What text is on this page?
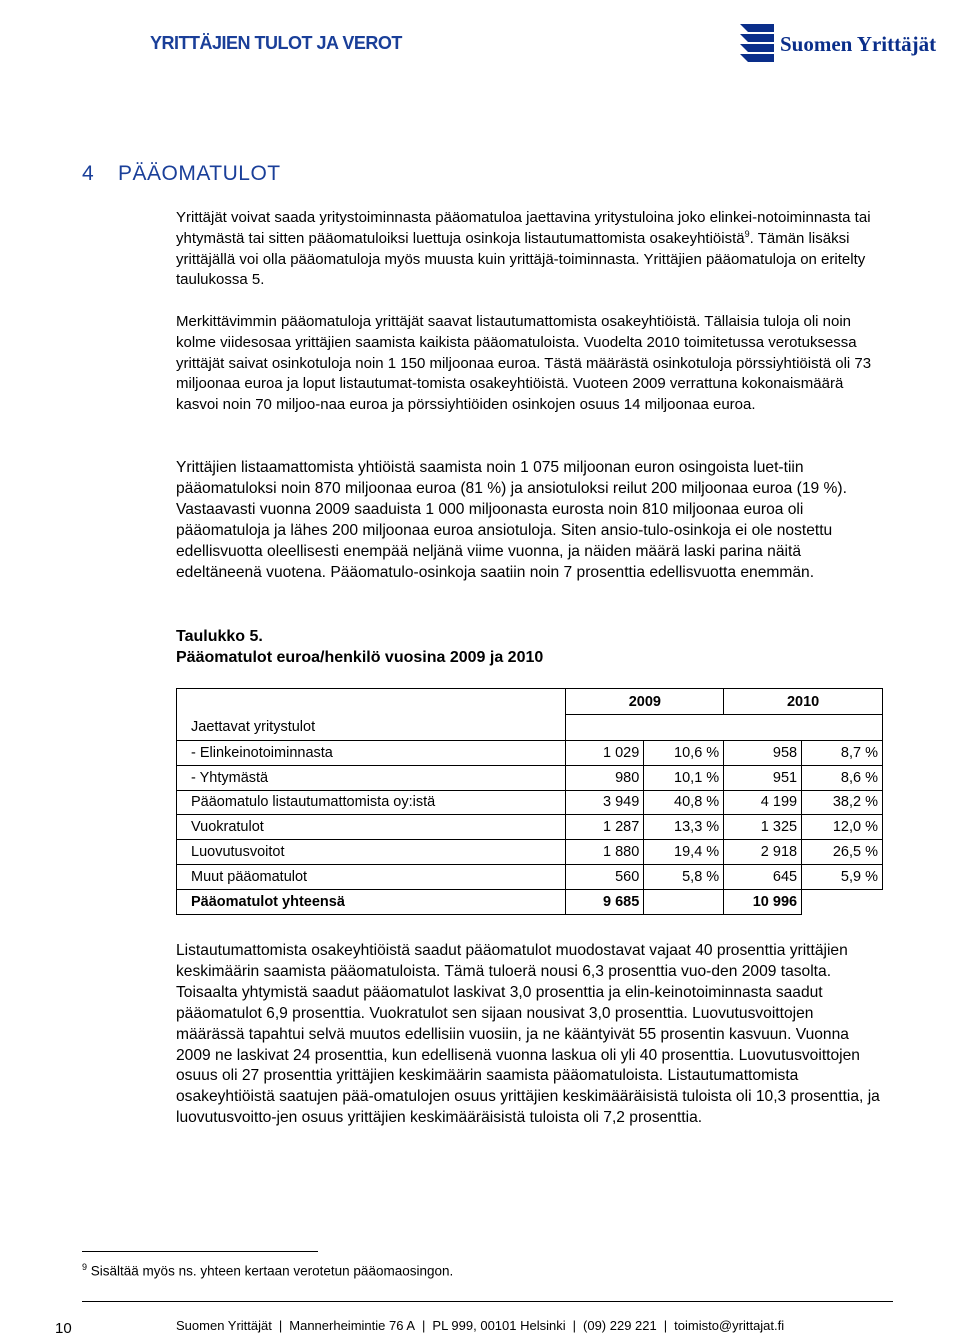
YRITTÄJIEN TULOT JA VEROT	Suomen Yrittäjät
4 PÄÄOMATULOT

Yrittäjät voivat saada yritystoiminnasta pääomatuloa jaettavina yritystuloina joko elinkei-notoiminnasta tai yhtymästä tai sitten pääomatuloiksi luettuja osinkoja listautumattomista osakeyhtiöistä$^9$. Tämän lisäksi yrittäjällä voi olla pääomatuloja myös muusta kuin yrittäjä-toiminnasta. Yrittäjien pääomatuloja on eritelty taulukossa 5.

Merkittävimmin pääomatuloja yrittäjät saavat listautumattomista osakeyhtiöistä. Tällaisia tuloja oli noin kolme viidesosaa yrittäjien saamista kaikista pääomatuloista. Vuodelta 2010 toimitetussa verotuksessa yrittäjät saivat osinkotuloja noin 1 150 miljoonaa euroa. Tästä määrästä osinkotuloja pörssiyhtiöistä oli 73 miljoonaa euroa ja loput listautumat-tomista osakeyhtiöistä. Vuoteen 2009 verrattuna kokonaismäärä kasvoi noin 70 miljoo-naa euroa ja pörssiyhtiöiden osinkojen osuus 14 miljoonaa euroa.

Yrittäjien listaamattomista yhtiöistä saamista noin 1 075 miljoonan euron osingoista luet-tiin pääomatuloksi noin 870 miljoonaa euroa (81 %) ja ansiotuloksi reilut 200 miljoonaa euroa (19 %). Vastaavasti vuonna 2009 saaduista 1 000 miljoonasta eurosta noin 810 miljoonaa euroa oli pääomatuloja ja lähes 200 miljoonaa euroa ansiotuloja. Siten ansio-tulo-osinkoja ei ole nostettu edellisvuotta oleellisesti enempää neljänä viime vuonna, ja näiden määrä laski parina näitä edeltäneenä vuotena. Pääomatulo-osinkoja saatiin noin 7 prosenttia edellisvuotta enemmän.

Taulukko 5.
Pääomatulot euroa/henkilö vuosina 2009 ja 2010
	2009		2010	
Jaettavat yritystulot				
- Elinkeinotoiminnasta	1 029	10,6 %	958	8,7 %
- Yhtymästä	980	10,1 %	951	8,6 %
Pääomatulo listautumattomista oy:istä	3 949	40,8 %	4 199	38,2 %
Vuokratulot	1 287	13,3 %	1 325	12,0 %
Luovutusvoitot	1 880	19,4 %	2 918	26,5 %
Muut pääomatulot	560	5,8 %	645	5,9 %
Pääomatulot yhteensä	9 685		10 996	

Listautumattomista osakeyhtiöistä saadut pääomatulot muodostavat vajaat 40 prosenttia yrittäjien keskimäärin saamista pääomatuloista. Tämä tuloerä nousi 6,3 prosenttia vuo-den 2009 tasolta. Toisaalta yhtymistä saadut pääomatulot laskivat 3,0 prosenttia ja elin-keinotoiminnasta saadut pääomatulot 6,9 prosenttia. Vuokratulot sen sijaan nousivat 3,0 prosenttia. Luovutusvoittojen määrässä tapahtui selvä muutos edellisiin vuosiin, ja ne kääntyivät 55 prosentin kasvuun. Vuonna 2009 ne laskivat 24 prosenttia, kun edellisenä vuonna laskua oli yli 40 prosenttia. Luovutusvoittojen osuus oli 27 prosenttia yrittäjien keskimäärin saamista pääomatuloista. Listautumattomista osakeyhtiöistä saatujen pää-omatulojen osuus yrittäjien keskimääräisistä tuloista oli 10,3 prosenttia, ja luovutusvoitto-jen osuus yrittäjien keskimääräisistä tuloista oli 7,2 prosenttia.

$^9$ Sisältää myös ns. yhteen kertaan verotetun pääomaosingon.
10	Suomen Yrittäjät | Mannerheimintie 76 A | PL 999, 00101 Helsinki | (09) 229 221 | toimisto@yrittajat.fi
